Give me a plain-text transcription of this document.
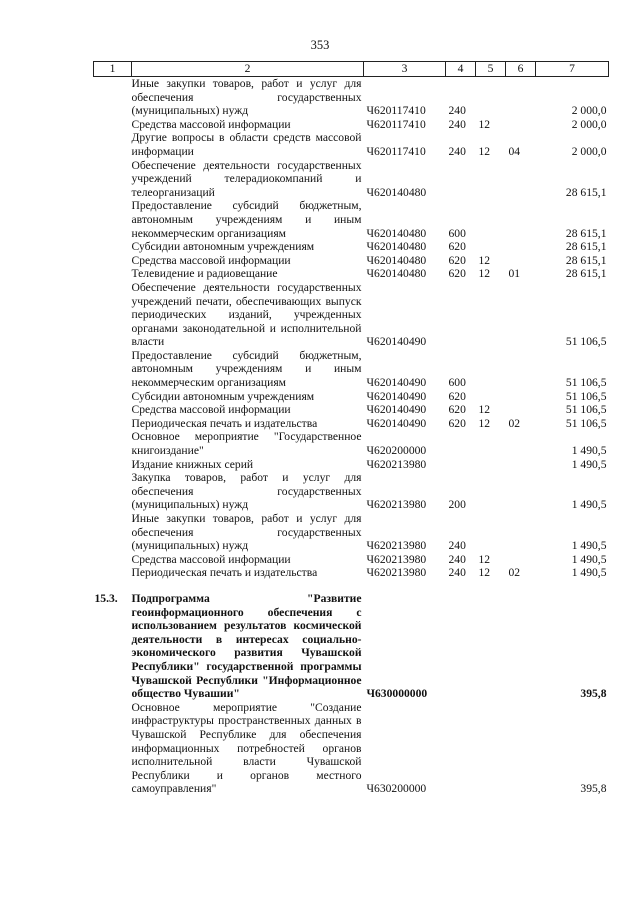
353
1	2	3	4	5	6	7
	Иные закупки товаров, работ и услуг для обеспечения государственных (муниципальных) нужд	Ч620117410	240			2 000,0
	Средства массовой информации	Ч620117410	240	12		2 000,0
	Другие вопросы в области средств массовой информации	Ч620117410	240	12	04	2 000,0
	Обеспечение деятельности государственных учреждений телерадиокомпаний и телеорганизаций	Ч620140480				28 615,1
	Предоставление субсидий бюджетным, автономным учреждениям и иным некоммерческим организациям	Ч620140480	600			28 615,1
	Субсидии автономным учреждениям	Ч620140480	620			28 615,1
	Средства массовой информации	Ч620140480	620	12		28 615,1
	Телевидение и радиовещание	Ч620140480	620	12	01	28 615,1
	Обеспечение деятельности государственных учреждений печати, обеспечивающих выпуск периодических изданий, учрежденных органами законодательной и исполнительной власти	Ч620140490				51 106,5
	Предоставление субсидий бюджетным, автономным учреждениям и иным некоммерческим организациям	Ч620140490	600			51 106,5
	Субсидии автономным учреждениям	Ч620140490	620			51 106,5
	Средства массовой информации	Ч620140490	620	12		51 106,5
	Периодическая печать и издательства	Ч620140490	620	12	02	51 106,5
	Основное мероприятие "Государственное книгоиздание"	Ч620200000				1 490,5
	Издание книжных серий	Ч620213980				1 490,5
	Закупка товаров, работ и услуг для обеспечения государственных (муниципальных) нужд	Ч620213980	200			1 490,5
	Иные закупки товаров, работ и услуг для обеспечения государственных (муниципальных) нужд	Ч620213980	240			1 490,5
	Средства массовой информации	Ч620213980	240	12		1 490,5
	Периодическая печать и издательства	Ч620213980	240	12	02	1 490,5

15.3.	Подпрограмма "Развитие геоинформационного обеспечения с использованием результатов космической деятельности в интересах социально-экономического развития Чувашской Республики" государственной программы Чувашской Республики "Информационное общество Чувашии"	Ч630000000				395,8
	Основное мероприятие "Создание инфраструктуры пространственных данных в Чувашской Республике для обеспечения информационных потребностей органов исполнительной власти Чувашской Республики и органов местного самоуправления"	Ч630200000				395,8
